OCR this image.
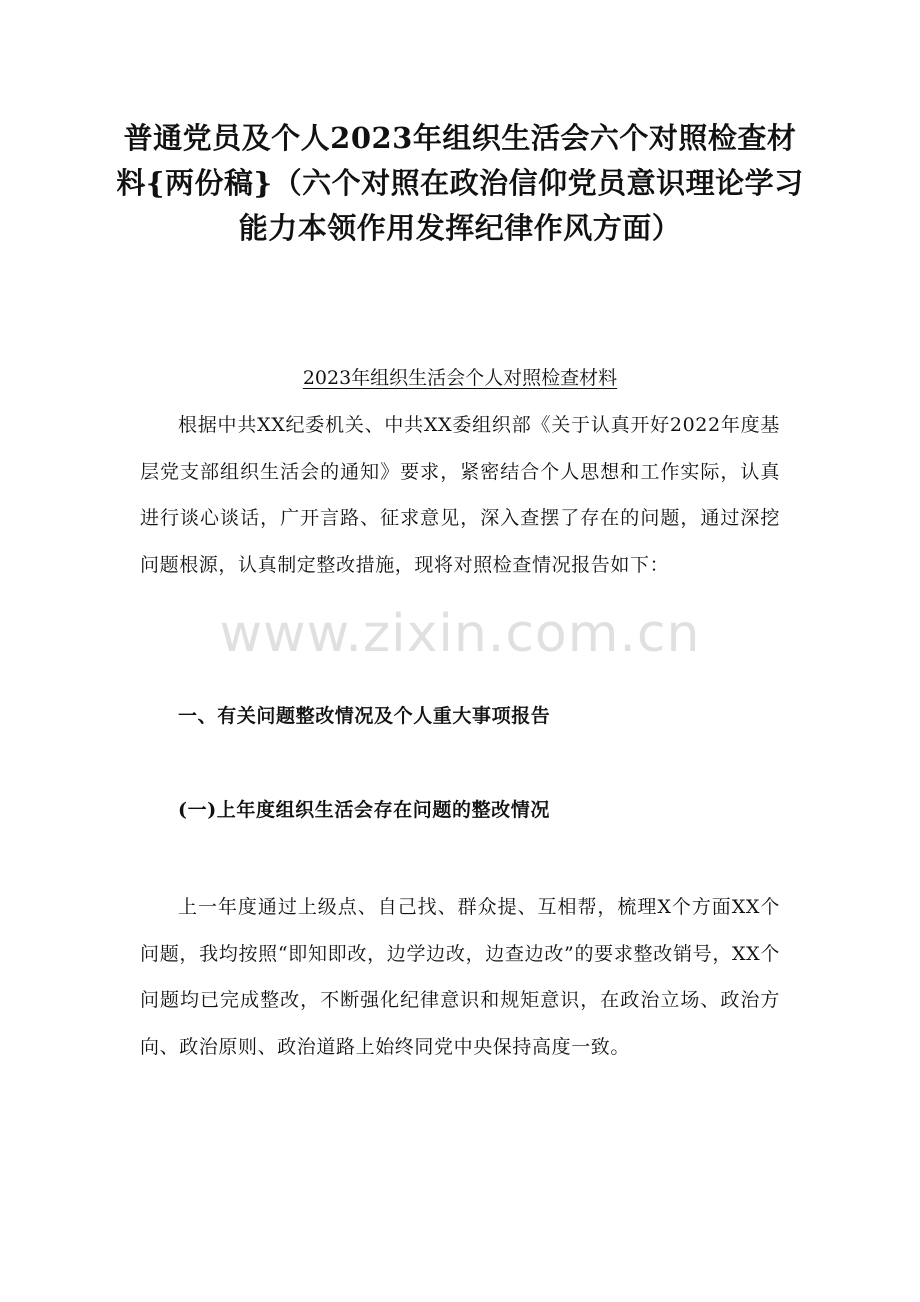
普通党员及个人2023年组织生活会六个对照检查材料{两份稿}（六个对照在政治信仰党员意识理论学习能力本领作用发挥纪律作风方面）
2023年组织生活会个人对照检查材料

根据中共XX纪委机关、中共XX委组织部《关于认真开好2022年度基层党支部组织生活会的通知》要求，紧密结合个人思想和工作实际，认真进行谈心谈话，广开言路、征求意见，深入查摆了存在的问题，通过深挖问题根源，认真制定整改措施，现将对照检查情况报告如下：

www.zixin.com.cn
一、有关问题整改情况及个人重大事项报告
(一)上年度组织生活会存在问题的整改情况

上一年度通过上级点、自己找、群众提、互相帮，梳理X个方面XX个问题，我均按照“即知即改，边学边改，边查边改”的要求整改销号，XX个问题均已完成整改，不断强化纪律意识和规矩意识，在政治立场、政治方向、政治原则、政治道路上始终同党中央保持高度一致。
